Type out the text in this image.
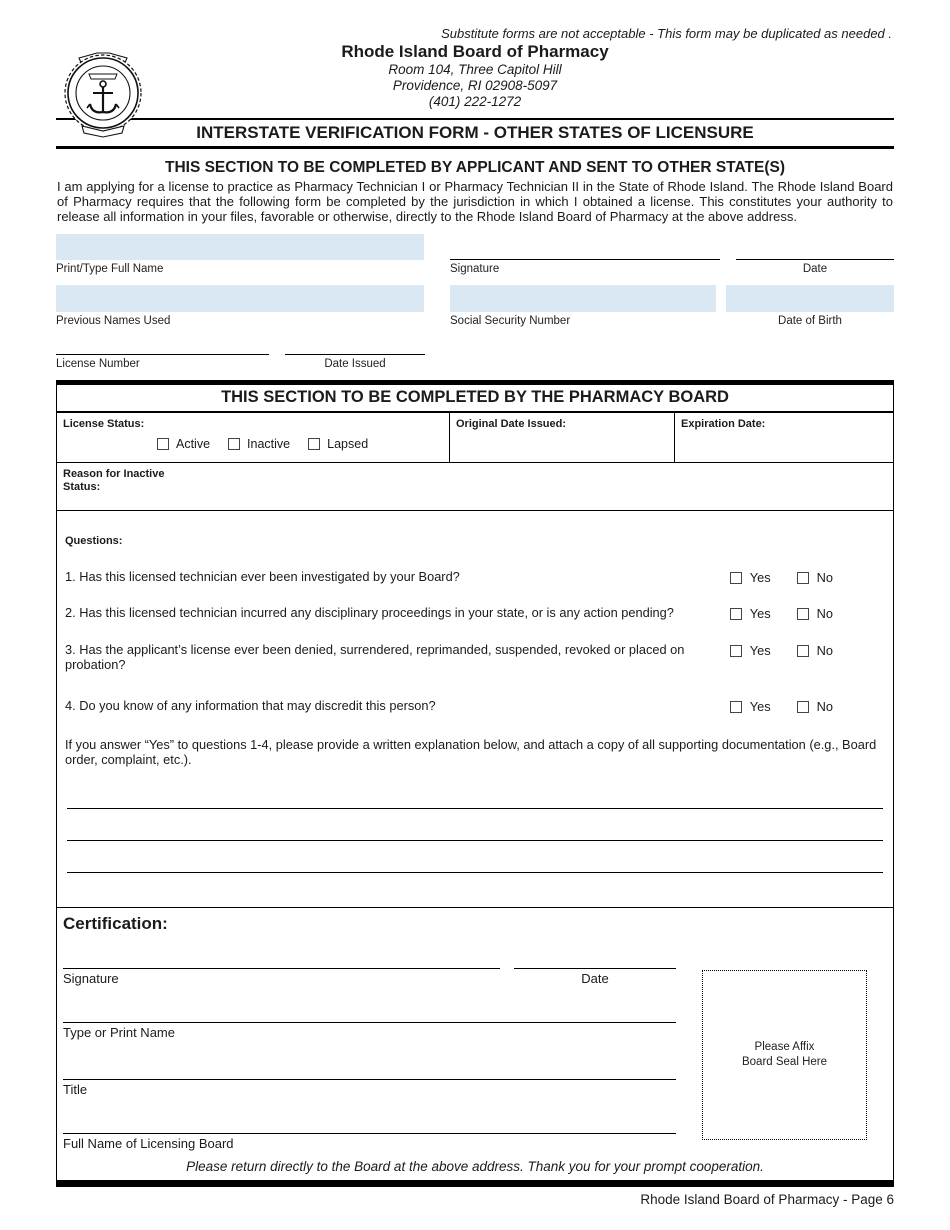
Substitute forms are not acceptable - This form may be duplicated as needed .
Rhode Island Board of Pharmacy
Room 104, Three Capitol Hill
Providence, RI 02908-5097
(401) 222-1272
INTERSTATE VERIFICATION FORM - OTHER STATES OF LICENSURE
THIS SECTION TO BE COMPLETED BY APPLICANT AND SENT TO OTHER STATE(S)
I am applying for a license to practice as Pharmacy Technician I or Pharmacy Technician II in the State of Rhode Island. The Rhode Island Board of Pharmacy requires that the following form be completed by the jurisdiction in which I obtained a license. This constitutes your authority to release all information in your files, favorable or otherwise, directly to the Rhode Island Board of Pharmacy at the above address.
Print/Type Full Name	Signature	Date
Previous Names Used	Social Security Number	Date of Birth
License Number	Date Issued
THIS SECTION TO BE COMPLETED BY THE PHARMACY BOARD
License Status:
Active	Inactive	Lapsed
Original Date Issued:	Expiration Date:
Reason for Inactive Status:
Questions:
1. Has this licensed technician ever been investigated by your Board?	Yes	No
2. Has this licensed technician incurred any disciplinary proceedings in your state, or is any action pending?	Yes	No
3. Has the applicant’s license ever been denied, surrendered, reprimanded, suspended, revoked or placed on probation?
Yes	No
4. Do you know of any information that may discredit this person?	Yes	No
If you answer “Yes” to questions 1-4, please provide a written explanation below, and attach a copy of all supporting documentation (e.g., Board order, complaint, etc.).
Certification:
Signature	Date
Type or Print Name
Title
Full Name of Licensing Board
Please Affix
Board Seal Here
Please return directly to the Board at the above address. Thank you for your prompt cooperation.
Rhode Island Board of Pharmacy - Page 6
